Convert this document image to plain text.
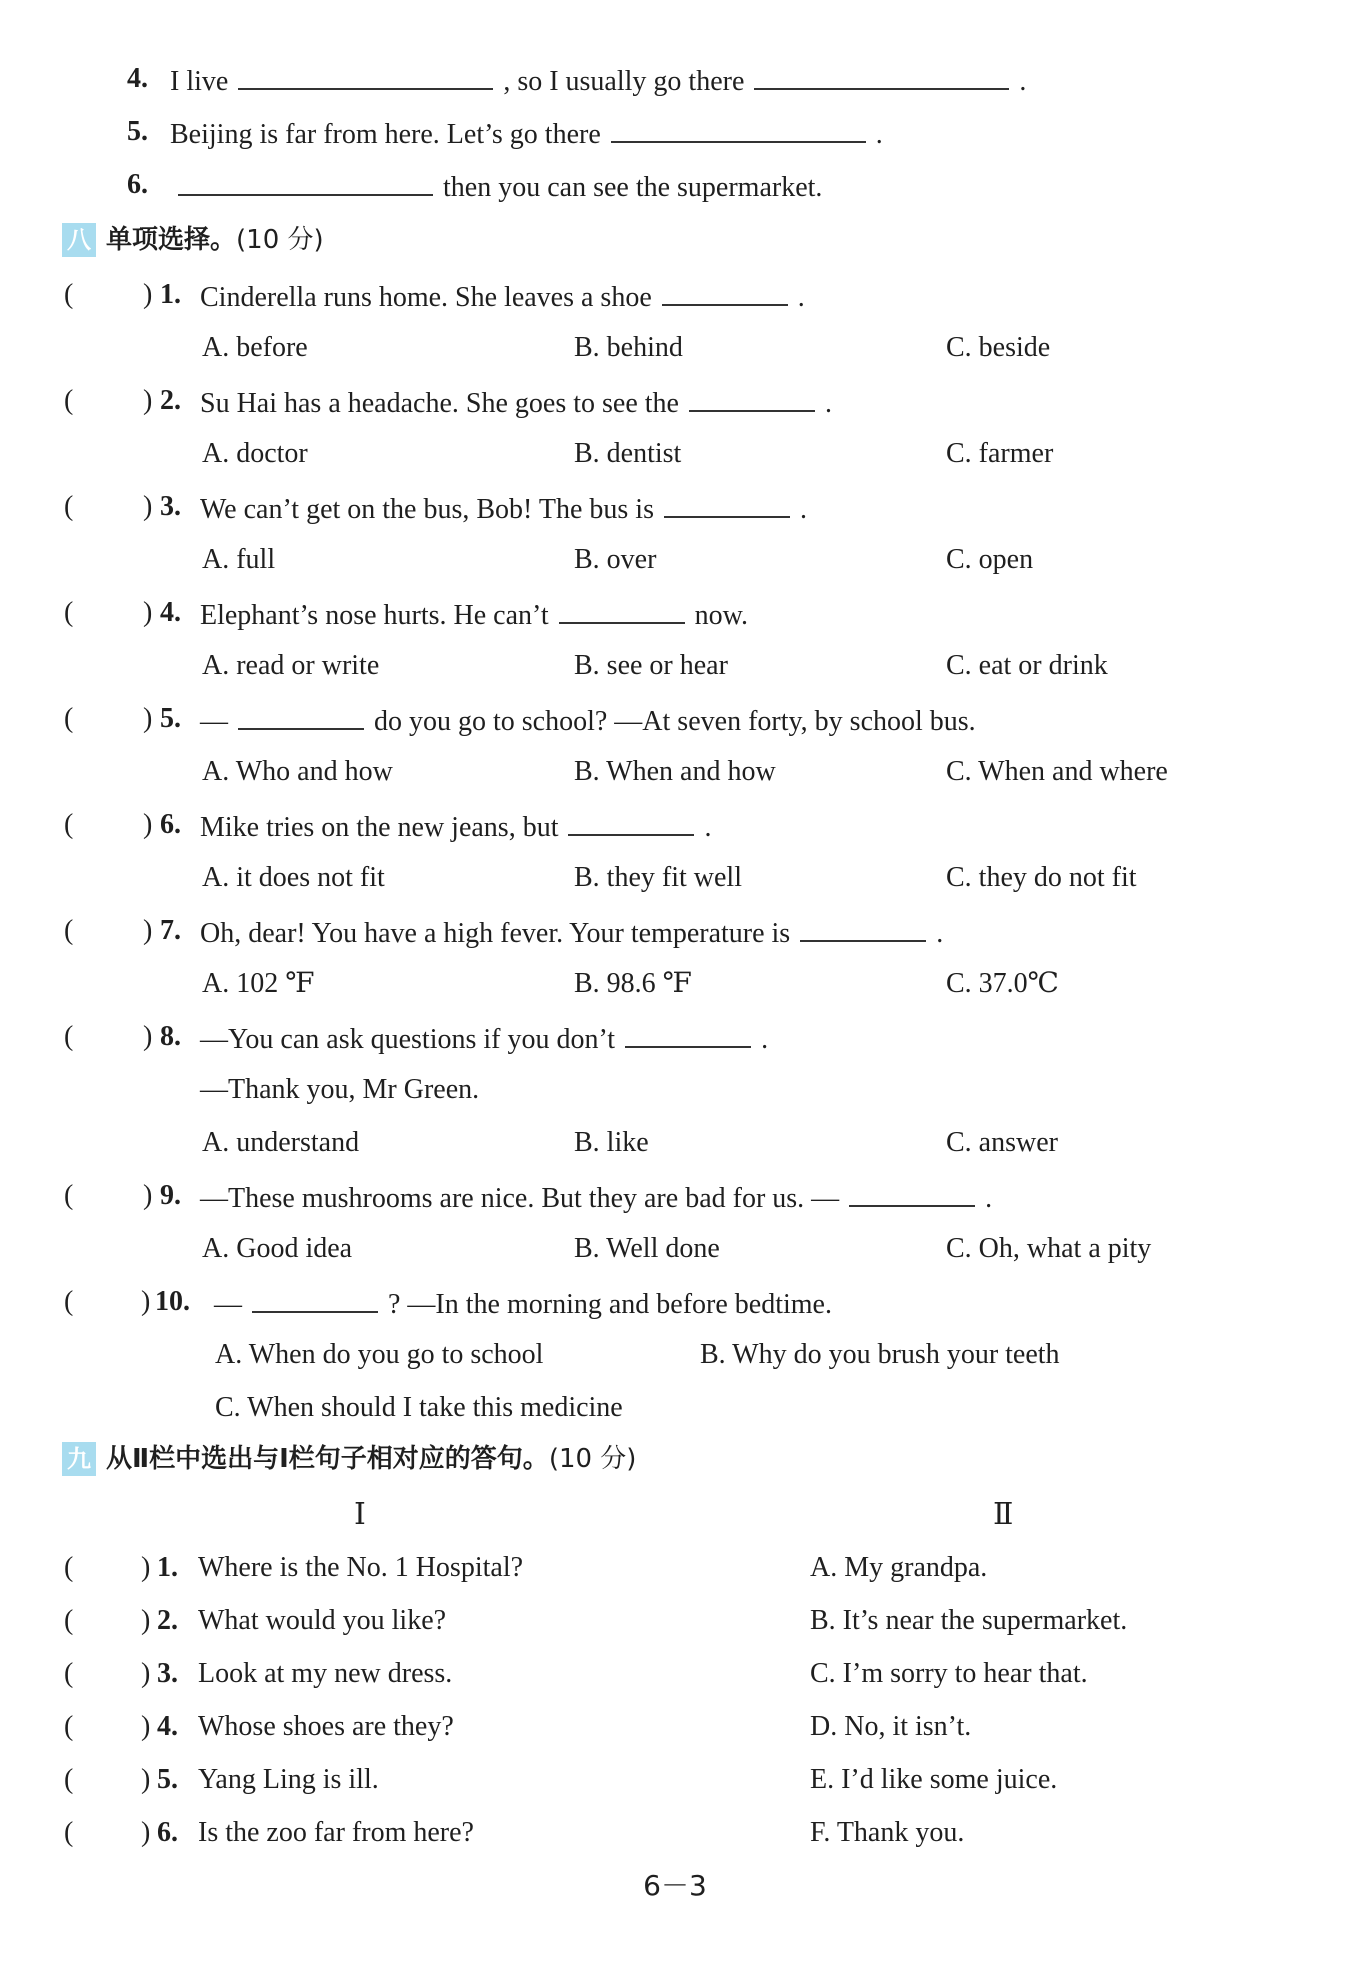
4. I live	, so I usually go there	.
5. Beijing is far from here. Let’s go there	.
6.	then you can see the supermarket.
八 单项选择。 (10 分)
( ) 1. Cinderella runs home. She leaves a shoe	.
A. before	B. behind	C. beside
( ) 2. Su Hai has a headache. She goes to see the	.
A. doctor	B. dentist	C. farmer
( ) 3. We can’t get on the bus, Bob! The bus is	.
A. full	B. over	C. open
( ) 4. Elephant’s nose hurts. He can’t	now.
A. read or write	B. see or hear	C. eat or drink
( ) 5. —	do you go to school? —At seven forty, by school bus.
A. Who and how	B. When and how	C. When and where
( ) 6. Mike tries on the new jeans, but	.
A. it does not fit	B. they fit well	C. they do not fit
( ) 7. Oh, dear! You have a high fever. Your temperature is	.
A. 102 ℉	B. 98.6 ℉	C. 37.0℃
( ) 8. —You can ask questions if you don’t	.
—Thank you, Mr Green.
A. understand	B. like	C. answer
( ) 9. —These mushrooms are nice. But they are bad for us. —	.
A. Good idea	B. Well done	C. Oh, what a pity
( ) 10. —	? —In the morning and before bedtime.
A. When do you go to school	B. Why do you brush your teeth
C. When should I take this medicine
九 从Ⅱ栏中选出与Ⅰ栏句子相对应的答句。 (10 分)
Ⅰ	Ⅱ
( ) 1. Where is the No. 1 Hospital?	A. My grandpa.
( ) 2. What would you like?	B. It’s near the supermarket.
( ) 3. Look at my new dress.	C. I’m sorry to hear that.
( ) 4. Whose shoes are they?	D. No, it isn’t.
( ) 5. Yang Ling is ill.	E. I’d like some juice.
( ) 6. Is the zoo far from here?	F. Thank you.
6－3
